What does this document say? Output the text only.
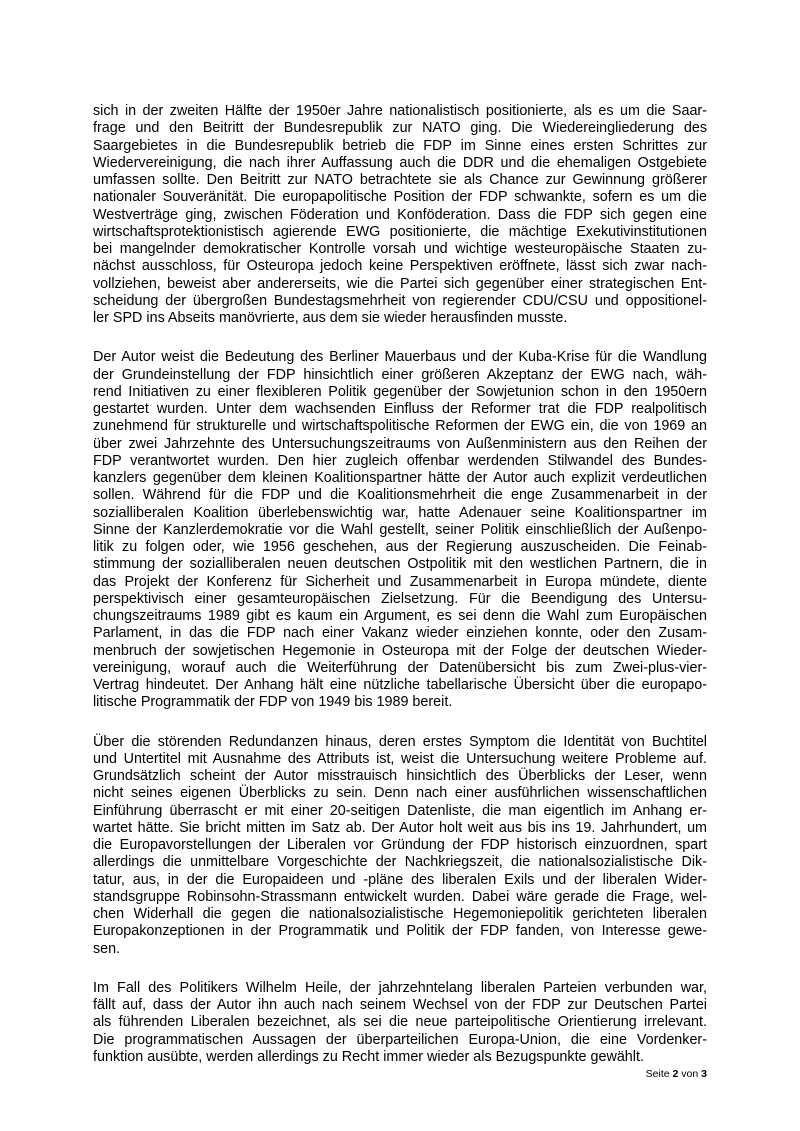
sich in der zweiten Hälfte der 1950er Jahre nationalistisch positionierte, als es um die Saar-
frage und den Beitritt der Bundesrepublik zur NATO ging. Die Wiedereingliederung des
Saargebietes in die Bundesrepublik betrieb die FDP im Sinne eines ersten Schrittes zur
Wiedervereinigung, die nach ihrer Auffassung auch die DDR und die ehemaligen Ostgebiete
umfassen sollte. Den Beitritt zur NATO betrachtete sie als Chance zur Gewinnung größerer
nationaler Souveränität. Die europapolitische Position der FDP schwankte, sofern es um die
Westverträge ging, zwischen Föderation und Konföderation. Dass die FDP sich gegen eine
wirtschaftsprotektionistisch agierende EWG positionierte, die mächtige Exekutivinstitutionen
bei mangelnder demokratischer Kontrolle vorsah und wichtige westeuropäische Staaten zu-
nächst ausschloss, für Osteuropa jedoch keine Perspektiven eröffnete, lässt sich zwar nach-
vollziehen, beweist aber andererseits, wie die Partei sich gegenüber einer strategischen Ent-
scheidung der übergroßen Bundestagsmehrheit von regierender CDU/CSU und oppositionel-
ler SPD ins Abseits manövrierte, aus dem sie wieder herausfinden musste.

Der Autor weist die Bedeutung des Berliner Mauerbaus und der Kuba-Krise für die Wandlung
der Grundeinstellung der FDP hinsichtlich einer größeren Akzeptanz der EWG nach, wäh-
rend Initiativen zu einer flexibleren Politik gegenüber der Sowjetunion schon in den 1950ern
gestartet wurden. Unter dem wachsenden Einfluss der Reformer trat die FDP realpolitisch
zunehmend für strukturelle und wirtschaftspolitische Reformen der EWG ein, die von 1969 an
über zwei Jahrzehnte des Untersuchungszeitraums von Außenministern aus den Reihen der
FDP verantwortet wurden. Den hier zugleich offenbar werdenden Stilwandel des Bundes-
kanzlers gegenüber dem kleinen Koalitionspartner hätte der Autor auch explizit verdeutlichen
sollen. Während für die FDP und die Koalitionsmehrheit die enge Zusammenarbeit in der
sozialliberalen Koalition überlebenswichtig war, hatte Adenauer seine Koalitionspartner im
Sinne der Kanzlerdemokratie vor die Wahl gestellt, seiner Politik einschließlich der Außenpo-
litik zu folgen oder, wie 1956 geschehen, aus der Regierung auszuscheiden. Die Feinab-
stimmung der sozialliberalen neuen deutschen Ostpolitik mit den westlichen Partnern, die in
das Projekt der Konferenz für Sicherheit und Zusammenarbeit in Europa mündete, diente
perspektivisch einer gesamteuropäischen Zielsetzung. Für die Beendigung des Untersu-
chungszeitraums 1989 gibt es kaum ein Argument, es sei denn die Wahl zum Europäischen
Parlament, in das die FDP nach einer Vakanz wieder einziehen konnte, oder den Zusam-
menbruch der sowjetischen Hegemonie in Osteuropa mit der Folge der deutschen Wieder-
vereinigung, worauf auch die Weiterführung der Datenübersicht bis zum Zwei-plus-vier-
Vertrag hindeutet. Der Anhang hält eine nützliche tabellarische Übersicht über die europapo-
litische Programmatik der FDP von 1949 bis 1989 bereit.

Über die störenden Redundanzen hinaus, deren erstes Symptom die Identität von Buchtitel
und Untertitel mit Ausnahme des Attributs ist, weist die Untersuchung weitere Probleme auf.
Grundsätzlich scheint der Autor misstrauisch hinsichtlich des Überblicks der Leser, wenn
nicht seines eigenen Überblicks zu sein. Denn nach einer ausführlichen wissenschaftlichen
Einführung überrascht er mit einer 20-seitigen Datenliste, die man eigentlich im Anhang er-
wartet hätte. Sie bricht mitten im Satz ab. Der Autor holt weit aus bis ins 19. Jahrhundert, um
die Europavorstellungen der Liberalen vor Gründung der FDP historisch einzuordnen, spart
allerdings die unmittelbare Vorgeschichte der Nachkriegszeit, die nationalsozialistische Dik-
tatur, aus, in der die Europaideen und -pläne des liberalen Exils und der liberalen Wider-
standsgruppe Robinsohn-Strassmann entwickelt wurden. Dabei wäre gerade die Frage, wel-
chen Widerhall die gegen die nationalsozialistische Hegemoniepolitik gerichteten liberalen
Europakonzeptionen in der Programmatik und Politik der FDP fanden, von Interesse gewe-
sen.

Im Fall des Politikers Wilhelm Heile, der jahrzehntelang liberalen Parteien verbunden war,
fällt auf, dass der Autor ihn auch nach seinem Wechsel von der FDP zur Deutschen Partei
als führenden Liberalen bezeichnet, als sei die neue parteipolitische Orientierung irrelevant.
Die programmatischen Aussagen der überparteilichen Europa-Union, die eine Vordenker-
funktion ausübte, werden allerdings zu Recht immer wieder als Bezugspunkte gewählt.

Seite 2 von 3
